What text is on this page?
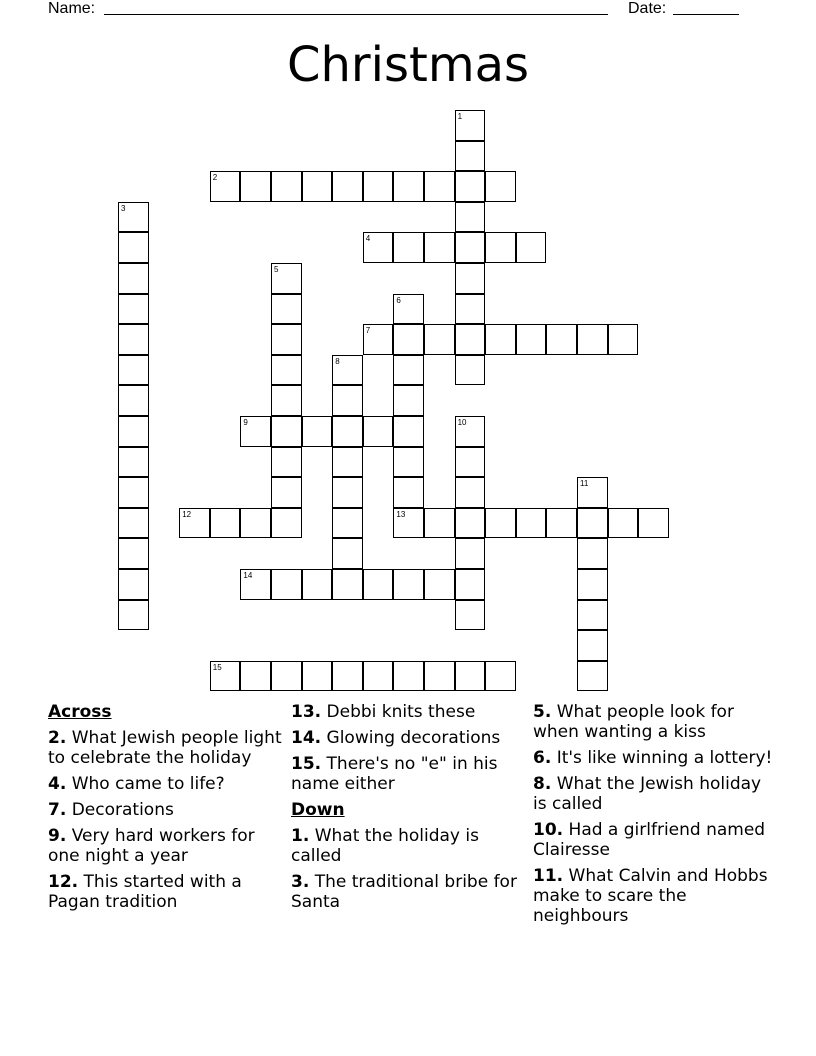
Name:	Date:
Christmas
1
2
3
4
5
6
7
8
9	10
11
12	13
14
15
Across
2. What Jewish people light to celebrate the holiday
4. Who came to life?
7. Decorations
9. Very hard workers for one night a year
12. This started with a Pagan tradition
13. Debbi knits these
14. Glowing decorations
15. There's no "e" in his name either
Down
1. What the holiday is called
3. The traditional bribe for Santa
5. What people look for when wanting a kiss
6. It's like winning a lottery!
8. What the Jewish holiday is called
10. Had a girlfriend named Clairesse
11. What Calvin and Hobbs make to scare the neighbours
